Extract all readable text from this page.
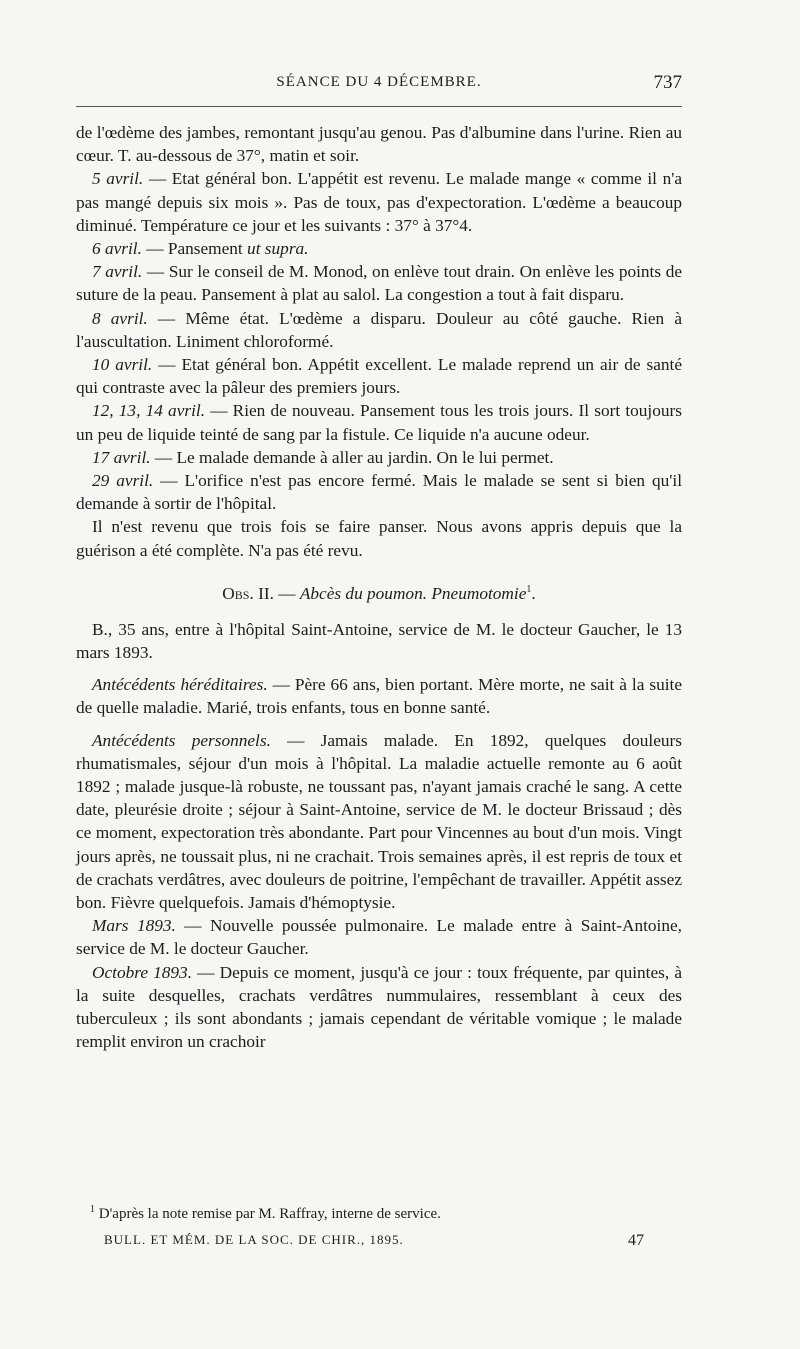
SÉANCE DU 4 DÉCEMBRE.	737

de l'œdème des jambes, remontant jusqu'au genou. Pas d'albumine dans l'urine. Rien au cœur. T. au-dessous de 37°, matin et soir.

5 avril. — Etat général bon. L'appétit est revenu. Le malade mange « comme il n'a pas mangé depuis six mois ». Pas de toux, pas d'expectoration. L'œdème a beaucoup diminué. Température ce jour et les suivants : 37° à 37°4.

6 avril. — Pansement ut supra.

7 avril. — Sur le conseil de M. Monod, on enlève tout drain. On enlève les points de suture de la peau. Pansement à plat au salol. La congestion a tout à fait disparu.

8 avril. — Même état. L'œdème a disparu. Douleur au côté gauche. Rien à l'auscultation. Liniment chloroformé.

10 avril. — Etat général bon. Appétit excellent. Le malade reprend un air de santé qui contraste avec la pâleur des premiers jours.

12, 13, 14 avril. — Rien de nouveau. Pansement tous les trois jours. Il sort toujours un peu de liquide teinté de sang par la fistule. Ce liquide n'a aucune odeur.

17 avril. — Le malade demande à aller au jardin. On le lui permet.

29 avril. — L'orifice n'est pas encore fermé. Mais le malade se sent si bien qu'il demande à sortir de l'hôpital.

Il n'est revenu que trois fois se faire panser. Nous avons appris depuis que la guérison a été complète. N'a pas été revu.

Obs. II. — Abcès du poumon. Pneumotomie$^1$.

B., 35 ans, entre à l'hôpital Saint-Antoine, service de M. le docteur Gaucher, le 13 mars 1893.

Antécédents héréditaires. — Père 66 ans, bien portant. Mère morte, ne sait à la suite de quelle maladie. Marié, trois enfants, tous en bonne santé.

Antécédents personnels. — Jamais malade. En 1892, quelques douleurs rhumatismales, séjour d'un mois à l'hôpital. La maladie actuelle remonte au 6 août 1892 ; malade jusque-là robuste, ne toussant pas, n'ayant jamais craché le sang. A cette date, pleurésie droite ; séjour à Saint-Antoine, service de M. le docteur Brissaud ; dès ce moment, expectoration très abondante. Part pour Vincennes au bout d'un mois. Vingt jours après, ne toussait plus, ni ne crachait. Trois semaines après, il est repris de toux et de crachats verdâtres, avec douleurs de poitrine, l'empêchant de travailler. Appétit assez bon. Fièvre quelquefois. Jamais d'hémoptysie.

Mars 1893. — Nouvelle poussée pulmonaire. Le malade entre à Saint-Antoine, service de M. le docteur Gaucher.

Octobre 1893. — Depuis ce moment, jusqu'à ce jour : toux fréquente, par quintes, à la suite desquelles, crachats verdâtres nummulaires, ressemblant à ceux des tuberculeux ; ils sont abondants ; jamais cependant de véritable vomique ; le malade remplit environ un crachoir

$^1$ D'après la note remise par M. Raffray, interne de service.
BULL. ET MÉM. DE LA SOC. DE CHIR., 1895.	47
